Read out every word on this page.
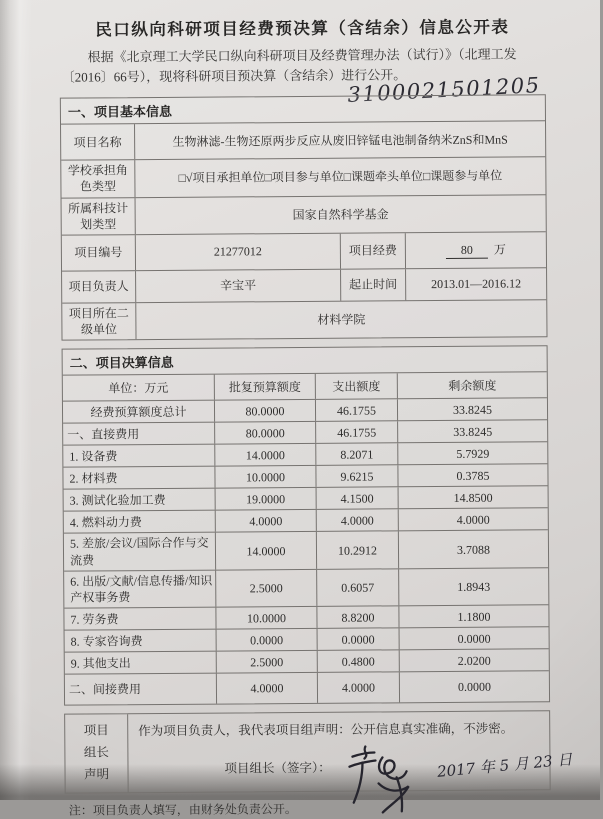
3100021501205
民口纵向科研项目经费预决算（含结余）信息公开表

根据《北京理工大学民口纵向科研项目及经费管理办法（试行）》（北理工发〔2016〕66号），现将科研项目预决算（含结余）进行公开。

一、项目基本信息
项目名称	生物淋滤-生物还原两步反应从废旧锌锰电池制备纳米ZnS和MnS
学校承担角色类型
□√项目承担单位□项目参与单位□课题牵头单位□课题参与单位
所属科技计划类型
国家自然科学基金
项目编号	21277012	项目经费	80	万
项目负责人	辛宝平	起止时间	2013.01—2016.12
项目所在二级单位
材料学院
二、项目决算信息
单位：万元	批复预算额度	支出额度	剩余额度
经费预算额度总计	80.0000	46.1755	33.8245
一、直接费用	80.0000	46.1755	33.8245
1. 设备费	14.0000	8.2071	5.7929
2. 材料费	10.0000	9.6215	0.3785
3. 测试化验加工费	19.0000	4.1500	14.8500
4. 燃料动力费	4.0000	4.0000	4.0000
5. 差旅/会议/国际合作与交流费
14.0000	10.2912	3.7088
6. 出版/文献/信息传播/知识产权事务费
2.5000	0.6057	1.8943
7. 劳务费	10.0000	8.8200	1.1800
8. 专家咨询费	0.0000	0.0000	0.0000
9. 其他支出	2.5000	0.4800	2.0200
二、间接费用	4.0000	4.0000	0.0000
项目
组长
声明
作为项目负责人，我代表项目组声明：公开信息真实准确，不涉密。
项目组长（签字）：	2017 年 5 月 23 日
注：项目负责人填写，由财务处负责公开。
